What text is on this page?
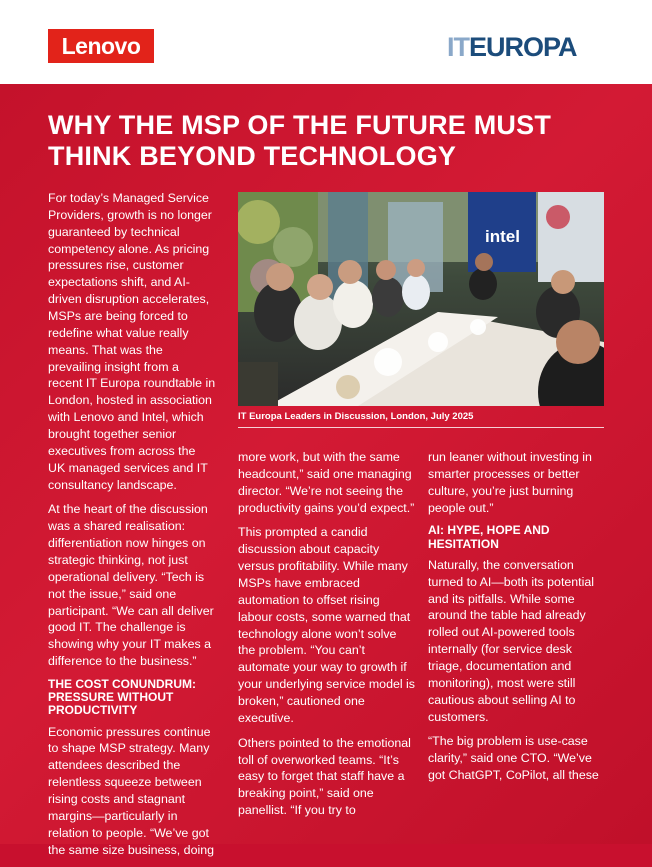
Lenovo	ITEUROPA
WHY THE MSP OF THE FUTURE MUST THINK BEYOND TECHNOLOGY

For today’s Managed Service Providers, growth is no longer guaranteed by technical competency alone. As pricing pressures rise, customer expectations shift, and AI-driven disruption accelerates, MSPs are being forced to redefine what value really means. That was the prevailing insight from a recent IT Europa roundtable in London, hosted in association with Lenovo and Intel, which brought together senior executives from across the UK managed services and IT consultancy landscape.

At the heart of the discussion was a shared realisation: differentiation now hinges on strategic thinking, not just operational delivery. “Tech is not the issue,” said one participant. “We can all deliver good IT. The challenge is showing why your IT makes a difference to the business.”

THE COST CONUNDRUM: PRESSURE WITHOUT PRODUCTIVITY

Economic pressures continue to shape MSP strategy. Many attendees described the relentless squeeze between rising costs and stagnant margins—particularly in relation to people. “We’ve got the same size business, doing

intel
IT Europa Leaders in Discussion, London, July 2025

more work, but with the same headcount,” said one managing director. “We’re not seeing the productivity gains you’d expect.”

This prompted a candid discussion about capacity versus profitability. While many MSPs have embraced automation to offset rising labour costs, some warned that technology alone won’t solve the problem. “You can’t automate your way to growth if your underlying service model is broken,” cautioned one executive.

Others pointed to the emotional toll of overworked teams. “It’s easy to forget that staff have a breaking point,” said one panellist. “If you try to

run leaner without investing in smarter processes or better culture, you’re just burning people out.”

AI: HYPE, HOPE AND HESITATION

Naturally, the conversation turned to AI—both its potential and its pitfalls. While some around the table had already rolled out AI-powered tools internally (for service desk triage, documentation and monitoring), most were still cautious about selling AI to customers.

“The big problem is use-case clarity,” said one CTO. “We’ve got ChatGPT, CoPilot, all these
